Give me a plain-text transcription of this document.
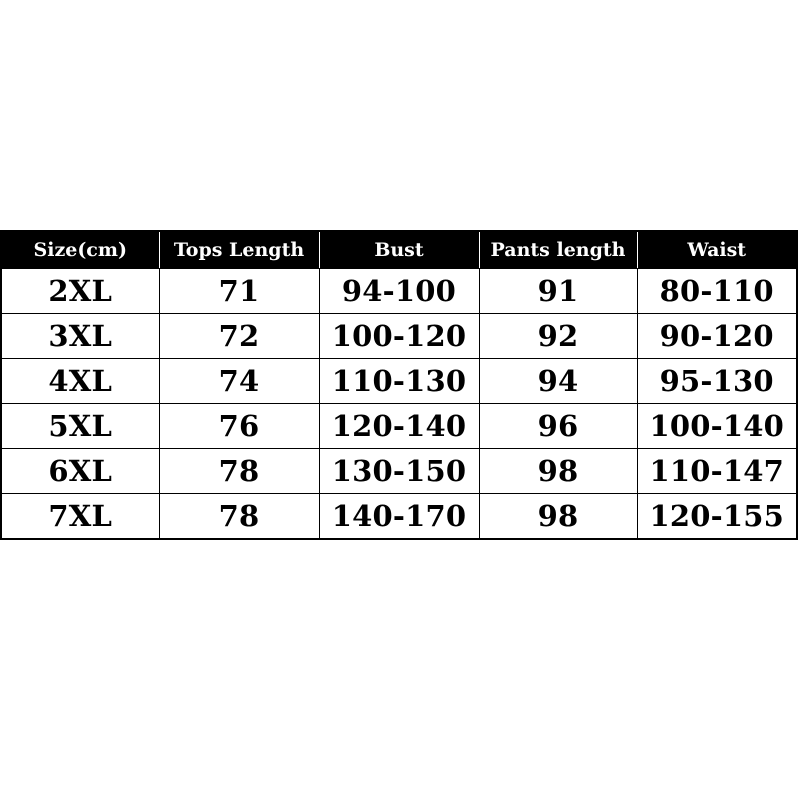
Size(cm)	Tops Length	Bust	Pants length	Waist
2XL	71	94-100	91	80-110
3XL	72	100-120	92	90-120
4XL	74	110-130	94	95-130
5XL	76	120-140	96	100-140
6XL	78	130-150	98	110-147
7XL	78	140-170	98	120-155
